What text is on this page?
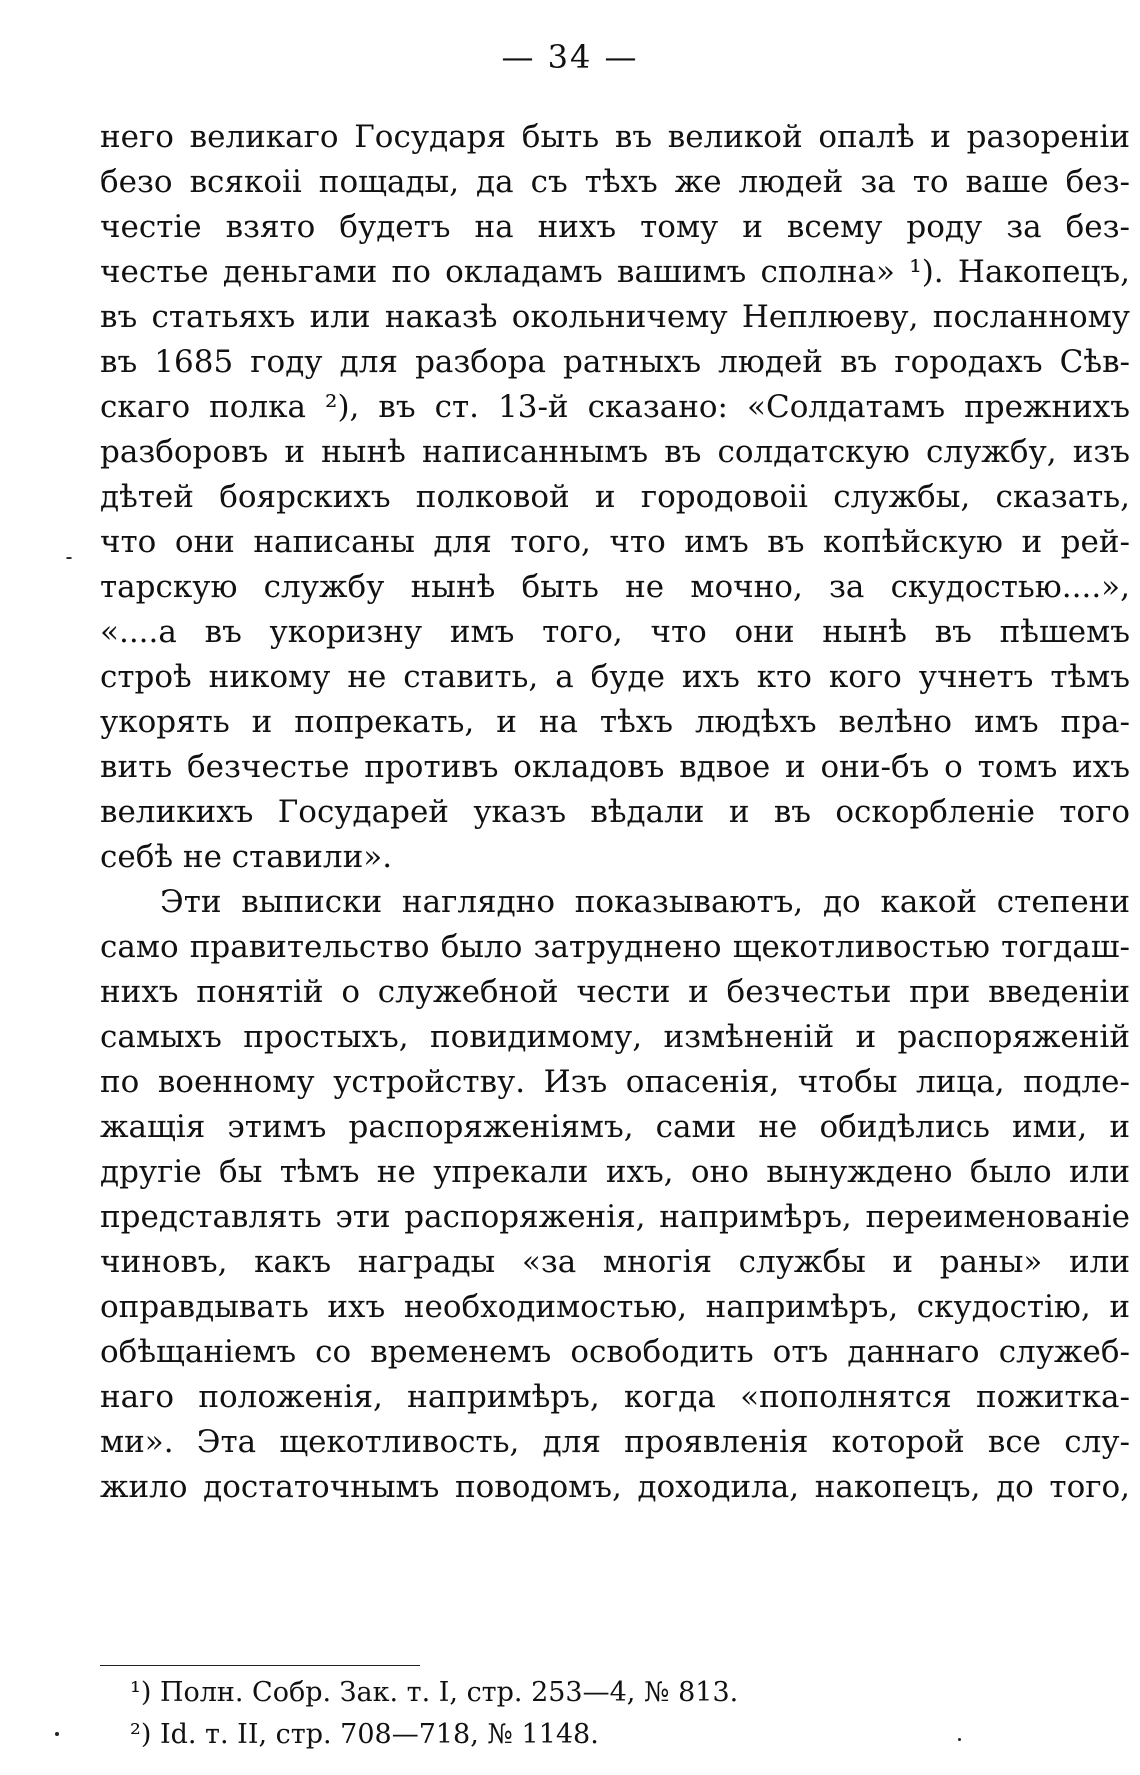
— 34 —
него великаго Государя быть въ великой опалѣ и разореніи
безо всякоіі пощады, да съ тѣхъ же людей за то ваше без-
честіе взято будетъ на нихъ тому и всему роду за без-
честье деньгами по окладамъ вашимъ сполна» ¹). Накопецъ,
въ статьяхъ или наказѣ окольничему Неплюеву, посланному
въ 1685 году для разбора ратныхъ людей въ городахъ Сѣв-
скаго полка ²), въ ст. 13-й сказано: «Солдатамъ прежнихъ
разборовъ и нынѣ написаннымъ въ солдатскую службу, изъ
дѣтей боярскихъ полковой и городовоіі службы, сказать,
что они написаны для того, что имъ въ копѣйскую и рей-
тарскую службу нынѣ быть не мочно, за скудостью....»,
«....а въ укоризну имъ того, что они нынѣ въ пѣшемъ
строѣ никому не ставить, а буде ихъ кто кого учнетъ тѣмъ
укорять и попрекать, и на тѣхъ людѣхъ велѣно имъ пра-
вить безчестье противъ окладовъ вдвое и они-бъ о томъ ихъ
великихъ Государей указъ вѣдали и въ оскорбленіе того
себѣ не ставили».
Эти выписки наглядно показываютъ, до какой степени
само правительство было затруднено щекотливостью тогдаш-
нихъ понятій о служебной чести и безчестьи при введеніи
самыхъ простыхъ, повидимому, измѣненій и распоряженій
по военному устройству. Изъ опасенія, чтобы лица, подле-
жащія этимъ распоряженіямъ, сами не обидѣлись ими, и
другіе бы тѣмъ не упрекали ихъ, оно вынуждено было или
представлять эти распоряженія, напримѣръ, переименованіе
чиновъ, какъ награды «за многія службы и раны» или
оправдывать ихъ необходимостью, напримѣръ, скудостію, и
обѣщаніемъ со временемъ освободить отъ даннаго служеб-
наго положенія, напримѣръ, когда «пополнятся пожитка-
ми». Эта щекотливость, для проявленія которой все слу-
жило достаточнымъ поводомъ, доходила, накопецъ, до того,
¹) Полн. Собр. Зак. т. I, стр. 253—4, № 813.
²) Id. т. II, стр. 708—718, № 1148.
